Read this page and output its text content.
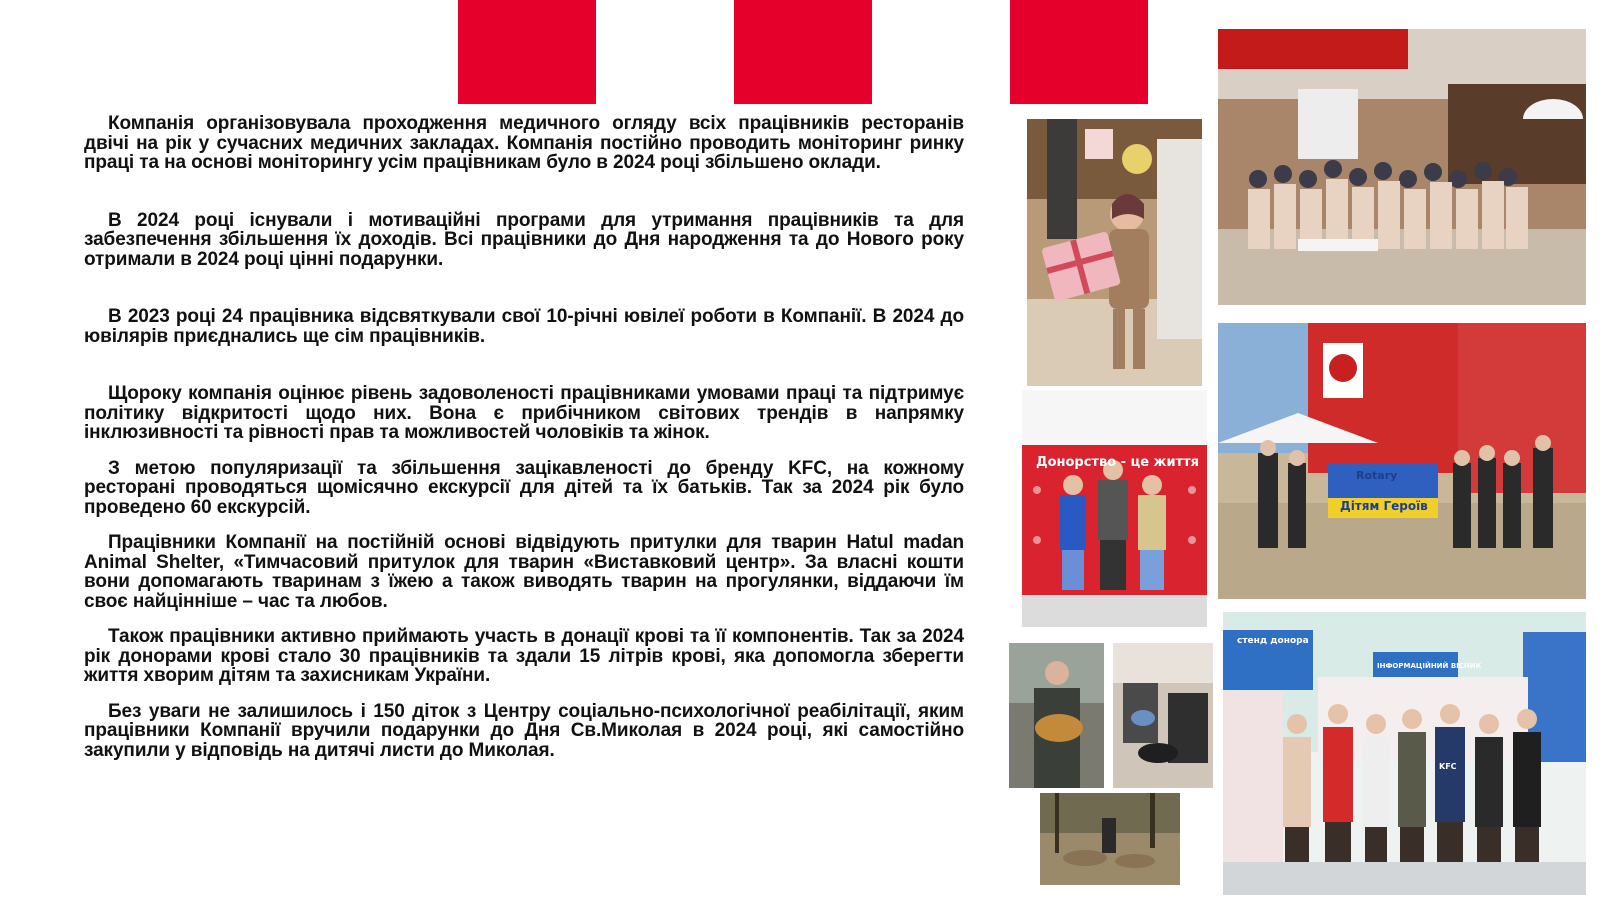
Компанія організовувала проходження медичного огляду всіх працівників ресторанів двічі на рік у сучасних медичних закладах. Компанія постійно проводить моніторинг ринку праці та на основі моніторингу усім працівникам було в 2024 році збільшено оклади.

В 2024 році існували і мотиваційні програми для утримання працівників та для забезпечення збільшення їх доходів. Всі працівники до Дня народження та до Нового року отримали в 2024 році цінні подарунки.

В 2023 році 24 працівника відсвяткували свої 10-річні ювілеї роботи в Компанії. В 2024 до ювілярів приєднались ще сім працівників.

Щороку компанія оцінює рівень задоволеності працівниками умовами праці та підтримує політику відкритості щодо них. Вона є прибічником світових трендів в напрямку інклюзивності та рівності прав та можливостей чоловіків та жінок.

З метою популяризації та збільшення зацікавленості до бренду KFC, на кожному ресторані проводяться щомісячно екскурсії для дітей та їх батьків. Так за 2024 рік було проведено 60 екскурсій.

Працівники Компанії на постійній основі відвідують притулки для тварин Hatul madan Animal Shelter, «Тимчасовий притулок для тварин «Виставковий центр». За власні кошти вони допомагають тваринам з їжею а також виводять тварин на прогулянки, віддаючи їм своє найцінніше – час та любов.

Також працівники активно приймають участь в донації крові та її компонентів. Так за 2024 рік донорами крові стало 30 працівників та здали 15 літрів крові, яка допомогла зберегти життя хворим дітям та захисникам України.

Без уваги не залишилось і 150 діток з Центру соціально-психологічної реабілітації, яким працівники Компанії вручили подарунки до Дня Св.Миколая в 2024 році, які самостійно закупили у відповідь на дитячі листи до Миколая.

Rotary
Дітям Героїв
Донорство - це життя
стенд донора
ІНФОРМАЦІЙНИЙ ВІСНИК
KFC
